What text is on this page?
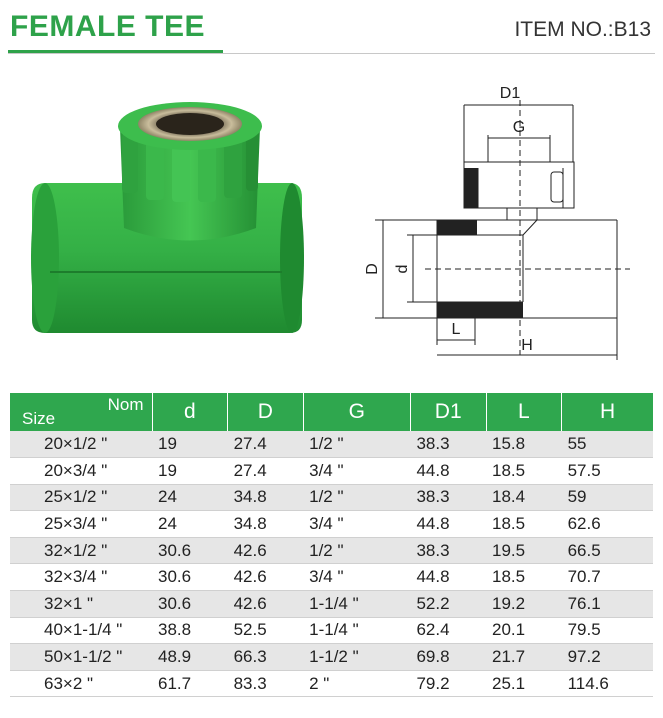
FEMALE TEE	ITEM NO.:B13
D1
G
D d
L
H
Nom
Size	d	D	G	D1	L	H
20×1/2 "	19	27.4	1/2 "	38.3	15.8	55
20×3/4 "	19	27.4	3/4 "	44.8	18.5	57.5
25×1/2 "	24	34.8	1/2 "	38.3	18.4	59
25×3/4 "	24	34.8	3/4 "	44.8	18.5	62.6
32×1/2 "	30.6	42.6	1/2 "	38.3	19.5	66.5
32×3/4 "	30.6	42.6	3/4 "	44.8	18.5	70.7
32×1 "	30.6	42.6	1-1/4 "	52.2	19.2	76.1
40×1-1/4 "	38.8	52.5	1-1/4 "	62.4	20.1	79.5
50×1-1/2 "	48.9	66.3	1-1/2 "	69.8	21.7	97.2
63×2 "	61.7	83.3	2 "	79.2	25.1	114.6
